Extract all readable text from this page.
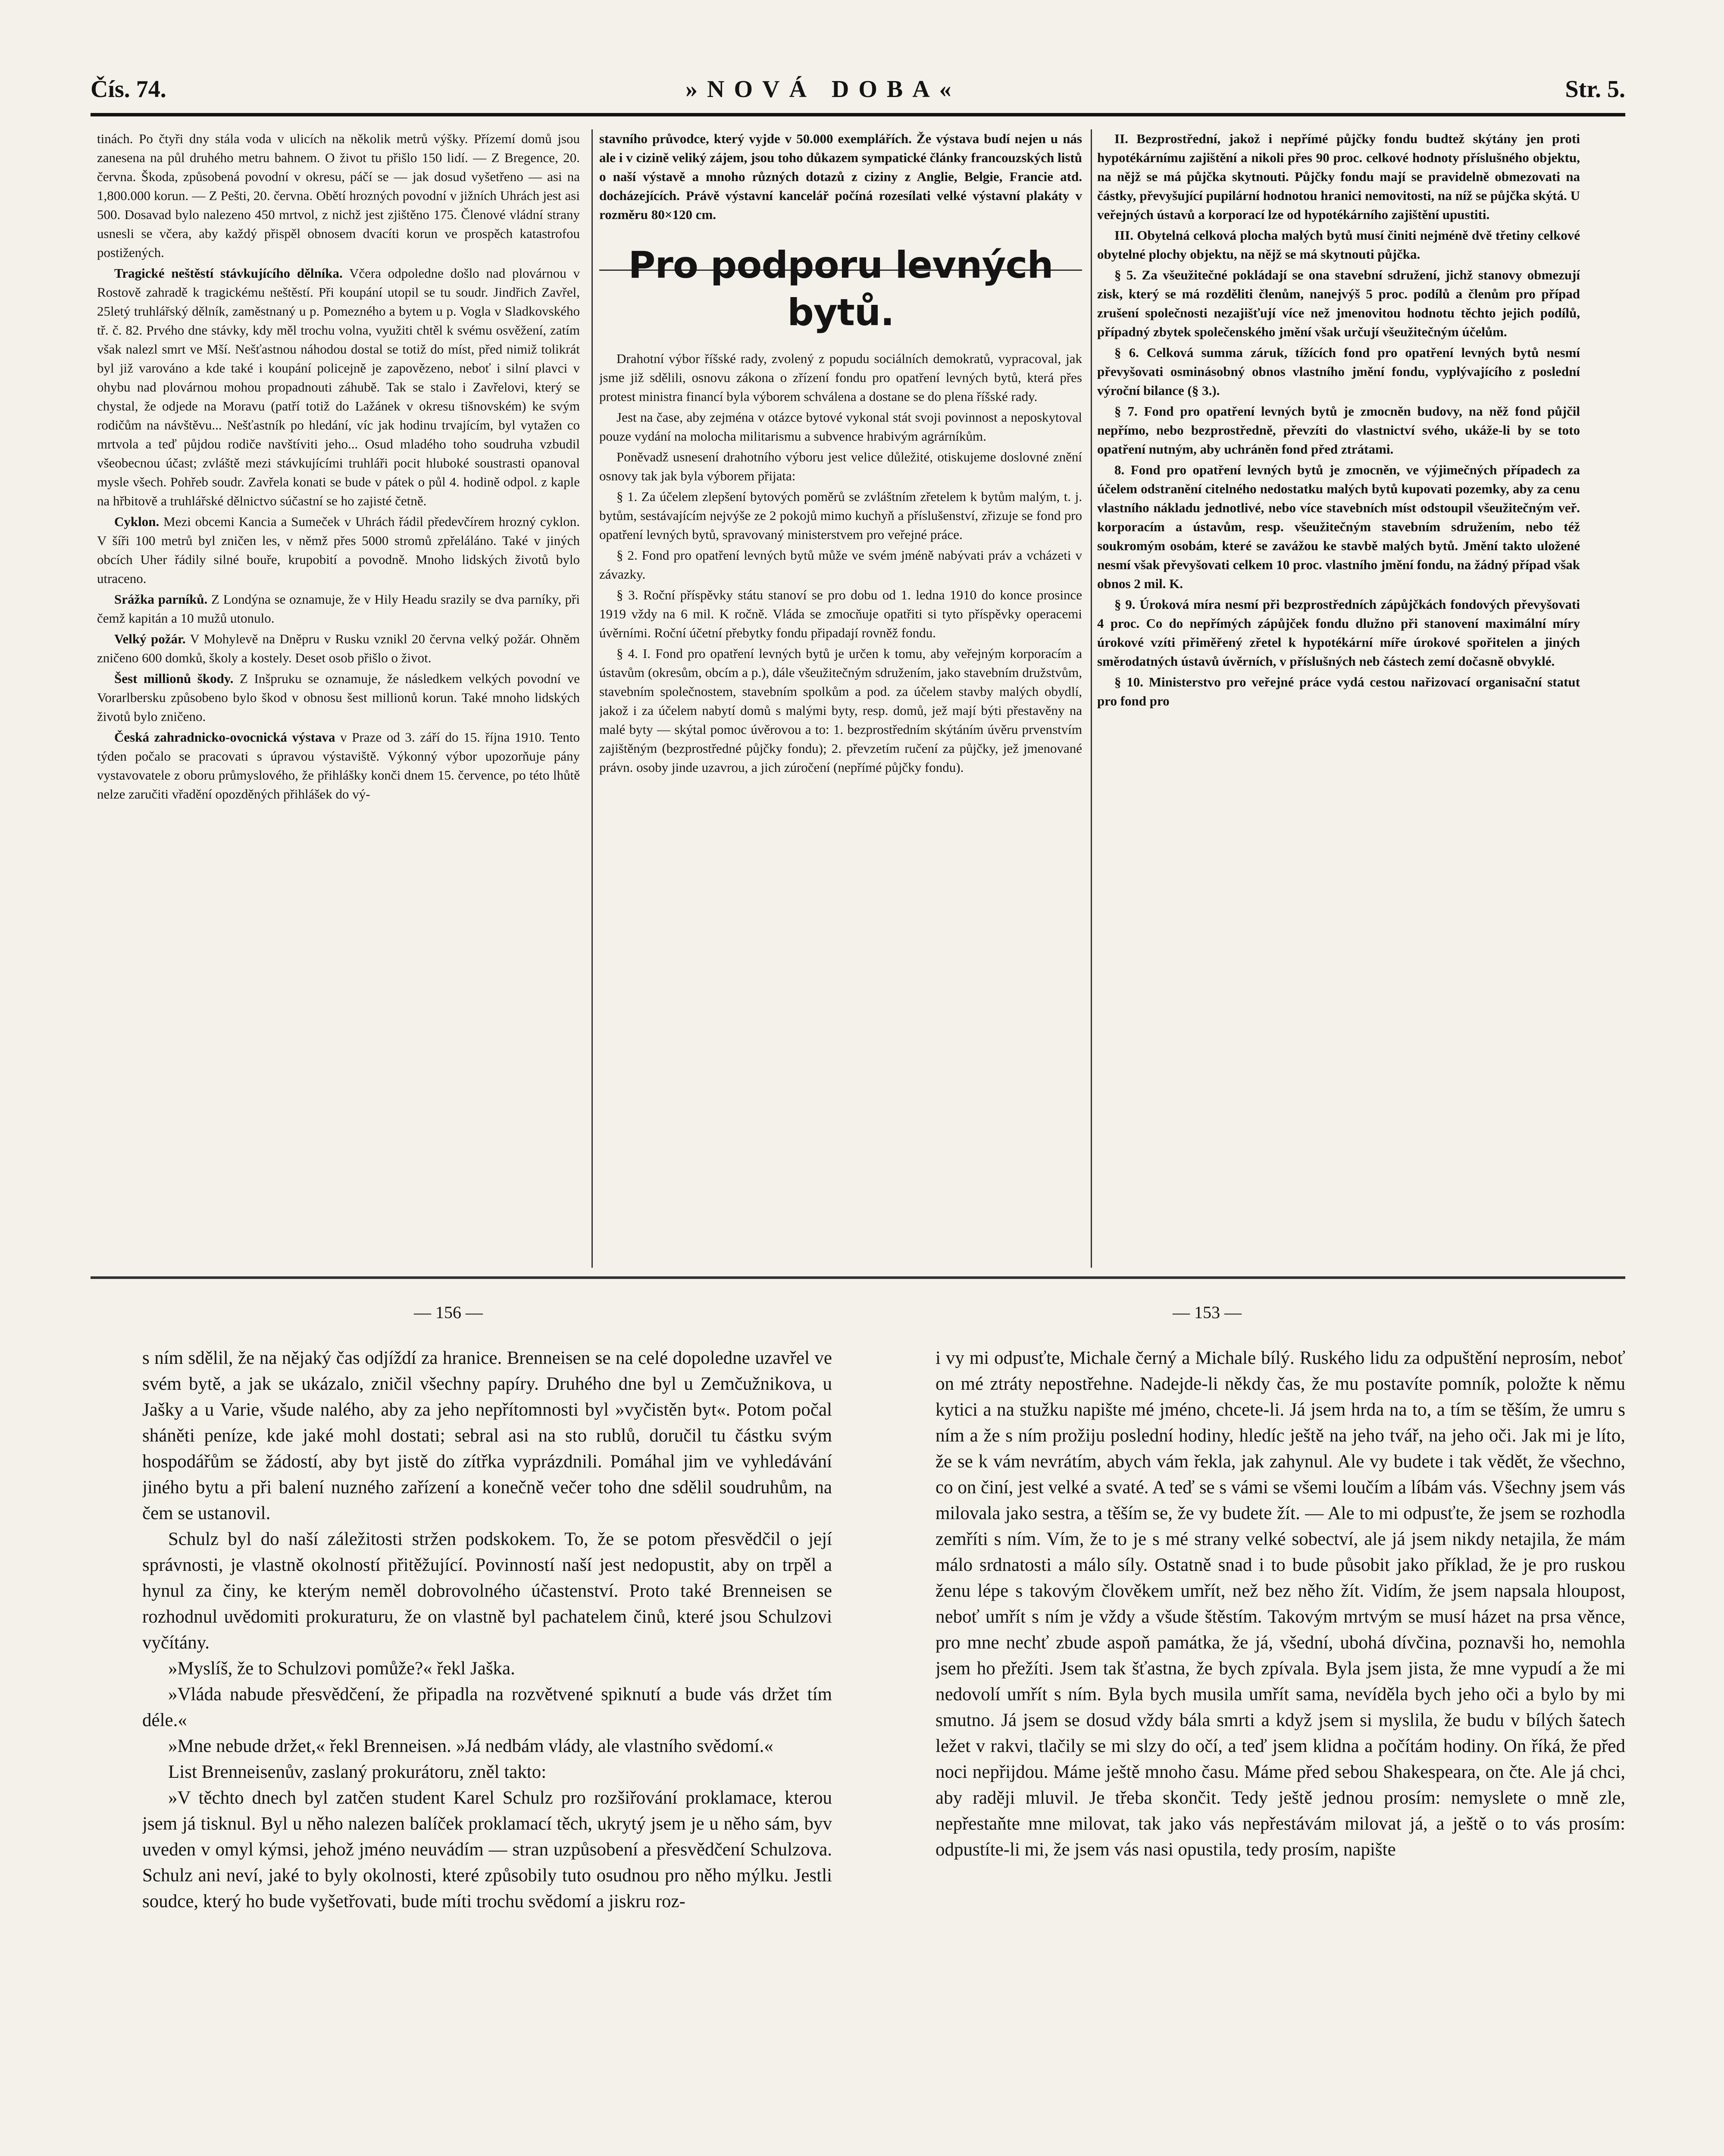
Čís. 74.	»NOVÁ DOBA«	Str. 5.

tinách. Po čtyři dny stála voda v ulicích na několik metrů výšky. Přízemí domů jsou zanesena na půl druhého metru bahnem. O život tu přišlo 150 lidí. — Z Bregence, 20. června. Škoda, způsobená povodní v okresu, páčí se — jak dosud vyšetřeno — asi na 1,800.000 korun. — Z Pešti, 20. června. Obětí hrozných povodní v jižních Uhrách jest asi 500. Dosavad bylo nalezeno 450 mrtvol, z nichž jest zjištěno 175. Členové vládní strany usnesli se včera, aby každý přispěl obnosem dvacíti korun ve prospěch katastrofou postižených.

Tragické neštěstí stávkujícího dělníka. Včera odpoledne došlo nad plovárnou v Rostově zahradě k tragickému neštěstí. Při koupání utopil se tu soudr. Jindřich Zavřel, 25letý truhlářský dělník, zaměstnaný u p. Pomezného a bytem u p. Vogla v Sladkovského tř. č. 82. Prvého dne stávky, kdy měl trochu volna, využiti chtěl k svému osvěžení, zatím však nalezl smrt ve Mší. Nešťastnou náhodou dostal se totiž do míst, před nimiž tolikrát byl již varováno a kde také i koupání policejně je zapovězeno, neboť i silní plavci v ohybu nad plovárnou mohou propadnouti záhubě. Tak se stalo i Zavřelovi, který se chystal, že odjede na Moravu (patří totiž do Lažánek v okresu tišnovském) ke svým rodičům na návštěvu... Nešťastník po hledání, víc jak hodinu trvajícím, byl vytažen co mrtvola a teď půjdou rodiče navštíviti jeho... Osud mladého toho soudruha vzbudil všeobecnou účast; zvláště mezi stávkujícími truhláři pocit hluboké soustrasti opanoval mysle všech. Pohřeb soudr. Zavřela konati se bude v pátek o půl 4. hodině odpol. z kaple na hřbitově a truhlářské dělnictvo súčastní se ho zajisté četně.

Cyklon. Mezi obcemi Kancia a Sumeček v Uhrách řádil předevčírem hrozný cyklon. V šíři 100 metrů byl zničen les, v němž přes 5000 stromů zpřeláláno. Také v jiných obcích Uher řádily silné bouře, krupobití a povodně. Mnoho lidských životů bylo utraceno.

Srážka parníků. Z Londýna se oznamuje, že v Hily Headu srazily se dva parníky, při čemž kapitán a 10 mužů utonulo.

Velký požár. V Mohylevě na Dněpru v Rusku vznikl 20 června velký požár. Ohněm zničeno 600 domků, školy a kostely. Deset osob přišlo o život.

Šest millionů škody. Z Inšpruku se oznamuje, že následkem velkých povodní ve Vorarlbersku způsobeno bylo škod v obnosu šest millionů korun. Také mnoho lidských životů bylo zničeno.

Česká zahradnicko-ovocnická výstava v Praze od 3. září do 15. října 1910. Tento týden počalo se pracovati s úpravou výstaviště. Výkonný výbor upozorňuje pány vystavovatele z oboru průmyslového, že přihlášky konči dnem 15. července, po této lhůtě nelze zaručiti vřadění opozděných přihlášek do vý-

stavního průvodce, který vyjde v 50.000 exemplářích. Že výstava budí nejen u nás ale i v cizině veliký zájem, jsou toho důkazem sympatické články francouzských listů o naší výstavě a mnoho různých dotazů z ciziny z Anglie, Belgie, Francie atd. docházejících. Právě výstavní kancelář počíná rozesílati velké výstavní plakáty v rozměru 80×120 cm.

Pro podporu levných bytů.

Drahotní výbor říšské rady, zvolený z popudu sociálních demokratů, vypracoval, jak jsme již sdělili, osnovu zákona o zřízení fondu pro opatření levných bytů, která přes protest ministra financí byla výborem schválena a dostane se do plena říšské rady.

Jest na čase, aby zejména v otázce bytové vykonal stát svoji povinnost a neposkytoval pouze vydání na molocha militarismu a subvence hrabivým agrárníkům.

Poněvadž usnesení drahotního výboru jest velice důležité, otiskujeme doslovné znění osnovy tak jak byla výborem přijata:

§ 1. Za účelem zlepšení bytových poměrů se zvláštním zřetelem k bytům malým, t. j. bytům, sestávajícím nejvýše ze 2 pokojů mimo kuchyň a příslušenství, zřizuje se fond pro opatření levných bytů, spravovaný ministerstvem pro veřejné práce.

§ 2. Fond pro opatření levných bytů může ve svém jméně nabývati práv a vcházeti v závazky.

§ 3. Roční příspěvky státu stanoví se pro dobu od 1. ledna 1910 do konce prosince 1919 vždy na 6 mil. K ročně. Vláda se zmocňuje opatřiti si tyto příspěvky operacemi úvěrními. Roční účetní přebytky fondu připadají rovněž fondu.

§ 4. I. Fond pro opatření levných bytů je určen k tomu, aby veřejným korporacím a ústavům (okresům, obcím a p.), dále všeužitečným sdružením, jako stavebním družstvům, stavebním společnostem, stavebním spolkům a pod. za účelem stavby malých obydlí, jakož i za účelem nabytí domů s malými byty, resp. domů, jež mají býti přestavěny na malé byty — skýtal pomoc úvěrovou a to: 1. bezprostředním skýtáním úvěru prvenstvím zajištěným (bezprostředné půjčky fondu); 2. převzetím ručení za půjčky, jež jmenované právn. osoby jinde uzavrou, a jich zúročení (nepřímé půjčky fondu).

II. Bezprostřední, jakož i nepřímé půjčky fondu budtež skýtány jen proti hypotékárnímu zajištění a nikoli přes 90 proc. celkové hodnoty příslušného objektu, na nějž se má půjčka skytnouti. Půjčky fondu mají se pravidelně obmezovati na částky, převyšující pupilární hodnotou hranici nemovitosti, na níž se půjčka skýtá. U veřejných ústavů a korporací lze od hypotékárního zajištění upustiti.

III. Obytelná celková plocha malých bytů musí činiti nejméně dvě třetiny celkové obytelné plochy objektu, na nějž se má skytnouti půjčka.

§ 5. Za všeužitečné pokládají se ona stavební sdružení, jichž stanovy obmezují zisk, který se má rozděliti členům, nanejvýš 5 proc. podílů a členům pro případ zrušení společnosti nezajišťují více než jmenovitou hodnotu těchto jejich podílů, případný zbytek společenského jmění však určují všeužitečným účelům.

§ 6. Celková summa záruk, tížících fond pro opatření levných bytů nesmí převyšovati osminásobný obnos vlastního jmění fondu, vyplývajícího z poslední výroční bilance (§ 3.).

§ 7. Fond pro opatření levných bytů je zmocněn budovy, na něž fond půjčil nepřímo, nebo bezprostředně, převzíti do vlastnictví svého, ukáže-li by se toto opatření nutným, aby uchráněn fond před ztrátami.

8. Fond pro opatření levných bytů je zmocněn, ve výjimečných případech za účelem odstranění citelného nedostatku malých bytů kupovati pozemky, aby za cenu vlastního nákladu jednotlivé, nebo více stavebních míst odstoupil všeužitečným veř. korporacím a ústavům, resp. všeužitečným stavebním sdružením, nebo též soukromým osobám, které se zavážou ke stavbě malých bytů. Jmění takto uložené nesmí však převyšovati celkem 10 proc. vlastního jmění fondu, na žádný případ však obnos 2 mil. K.

§ 9. Úroková míra nesmí při bezprostředních zápůjčkách fondových převyšovati 4 proc. Co do nepřímých zápůjček fondu dlužno při stanovení maximální míry úrokové vzíti přiměřený zřetel k hypotékární míře úrokové spořitelen a jiných směrodatných ústavů úvěrních, v příslušných neb částech zemí dočasně obvyklé.

§ 10. Ministerstvo pro veřejné práce vydá cestou nařizovací organisační statut pro fond pro

— 156 —	— 153 —

s ním sdělil, že na nějaký čas odjíždí za hranice. Brenneisen se na celé dopoledne uzavřel ve svém bytě, a jak se ukázalo, zničil všechny papíry. Druhého dne byl u Zemčužnikova, u Jašky a u Varie, všude nalého, aby za jeho nepřítomnosti byl »vyčistěn byt«. Potom počal sháněti peníze, kde jaké mohl dostati; sebral asi na sto rublů, doručil tu částku svým hospodářům se žádostí, aby byt jistě do zítřka vyprázdnili. Pomáhal jim ve vyhledávání jiného bytu a při balení nuzného zařízení a konečně večer toho dne sdělil soudruhům, na čem se ustanovil.

Schulz byl do naší záležitosti stržen podskokem. To, že se potom přesvědčil o její správnosti, je vlastně okolností přitěžující. Povinností naší jest nedopustit, aby on trpěl a hynul za činy, ke kterým neměl dobrovolného účastenství. Proto také Brenneisen se rozhodnul uvědomiti prokuraturu, že on vlastně byl pachatelem činů, které jsou Schulzovi vyčítány.

»Myslíš, že to Schulzovi pomůže?« řekl Jaška.

»Vláda nabude přesvědčení, že připadla na rozvětvené spiknutí a bude vás držet tím déle.«

»Mne nebude držet,« řekl Brenneisen. »Já nedbám vlády, ale vlastního svědomí.«

List Brenneisenův, zaslaný prokurátoru, zněl takto:

»V těchto dnech byl zatčen student Karel Schulz pro rozšiřování proklamace, kterou jsem já tisknul. Byl u něho nalezen balíček proklamací těch, ukrytý jsem je u něho sám, byv uveden v omyl kýmsi, jehož jméno neuvádím — stran uzpůsobení a přesvědčení Schulzova. Schulz ani neví, jaké to byly okolnosti, které způsobily tuto osudnou pro něho mýlku. Jestli soudce, který ho bude vyšetřovati, bude míti trochu svědomí a jiskru roz-

i vy mi odpusťte, Michale černý a Michale bílý. Ruského lidu za odpuštění neprosím, neboť on mé ztráty nepostřehne. Nadejde-li někdy čas, že mu postavíte pomník, položte k němu kytici a na stužku napište mé jméno, chcete-li. Já jsem hrda na to, a tím se těším, že umru s ním a že s ním prožiju poslední hodiny, hledíc ještě na jeho tvář, na jeho oči. Jak mi je líto, že se k vám nevrátím, abych vám řekla, jak zahynul. Ale vy budete i tak vědět, že všechno, co on činí, jest velké a svaté. A teď se s vámi se všemi loučím a líbám vás. Všechny jsem vás milovala jako sestra, a těším se, že vy budete žít. — Ale to mi odpusťte, že jsem se rozhodla zemříti s ním. Vím, že to je s mé strany velké sobectví, ale já jsem nikdy netajila, že mám málo srdnatosti a málo síly. Ostatně snad i to bude působit jako příklad, že je pro ruskou ženu lépe s takovým člověkem umřít, než bez něho žít. Vidím, že jsem napsala hloupost, neboť umřít s ním je vždy a všude štěstím. Takovým mrtvým se musí házet na prsa věnce, pro mne nechť zbude aspoň památka, že já, všední, ubohá dívčina, poznavši ho, nemohla jsem ho přežíti. Jsem tak šťastna, že bych zpívala. Byla jsem jista, že mne vypudí a že mi nedovolí umřít s ním. Byla bych musila umřít sama, nevíděla bych jeho oči a bylo by mi smutno. Já jsem se dosud vždy bála smrti a když jsem si myslila, že budu v bílých šatech ležet v rakvi, tlačily se mi slzy do očí, a teď jsem klidna a počítám hodiny. On říká, že před noci nepřijdou. Máme ještě mnoho času. Máme před sebou Shakespeara, on čte. Ale já chci, aby raději mluvil. Je třeba skončit. Tedy ještě jednou prosím: nemyslete o mně zle, nepřestaňte mne milovat, tak jako vás nepřestávám milovat já, a ještě o to vás prosím: odpustíte-li mi, že jsem vás nasi opustila, tedy prosím, napište
